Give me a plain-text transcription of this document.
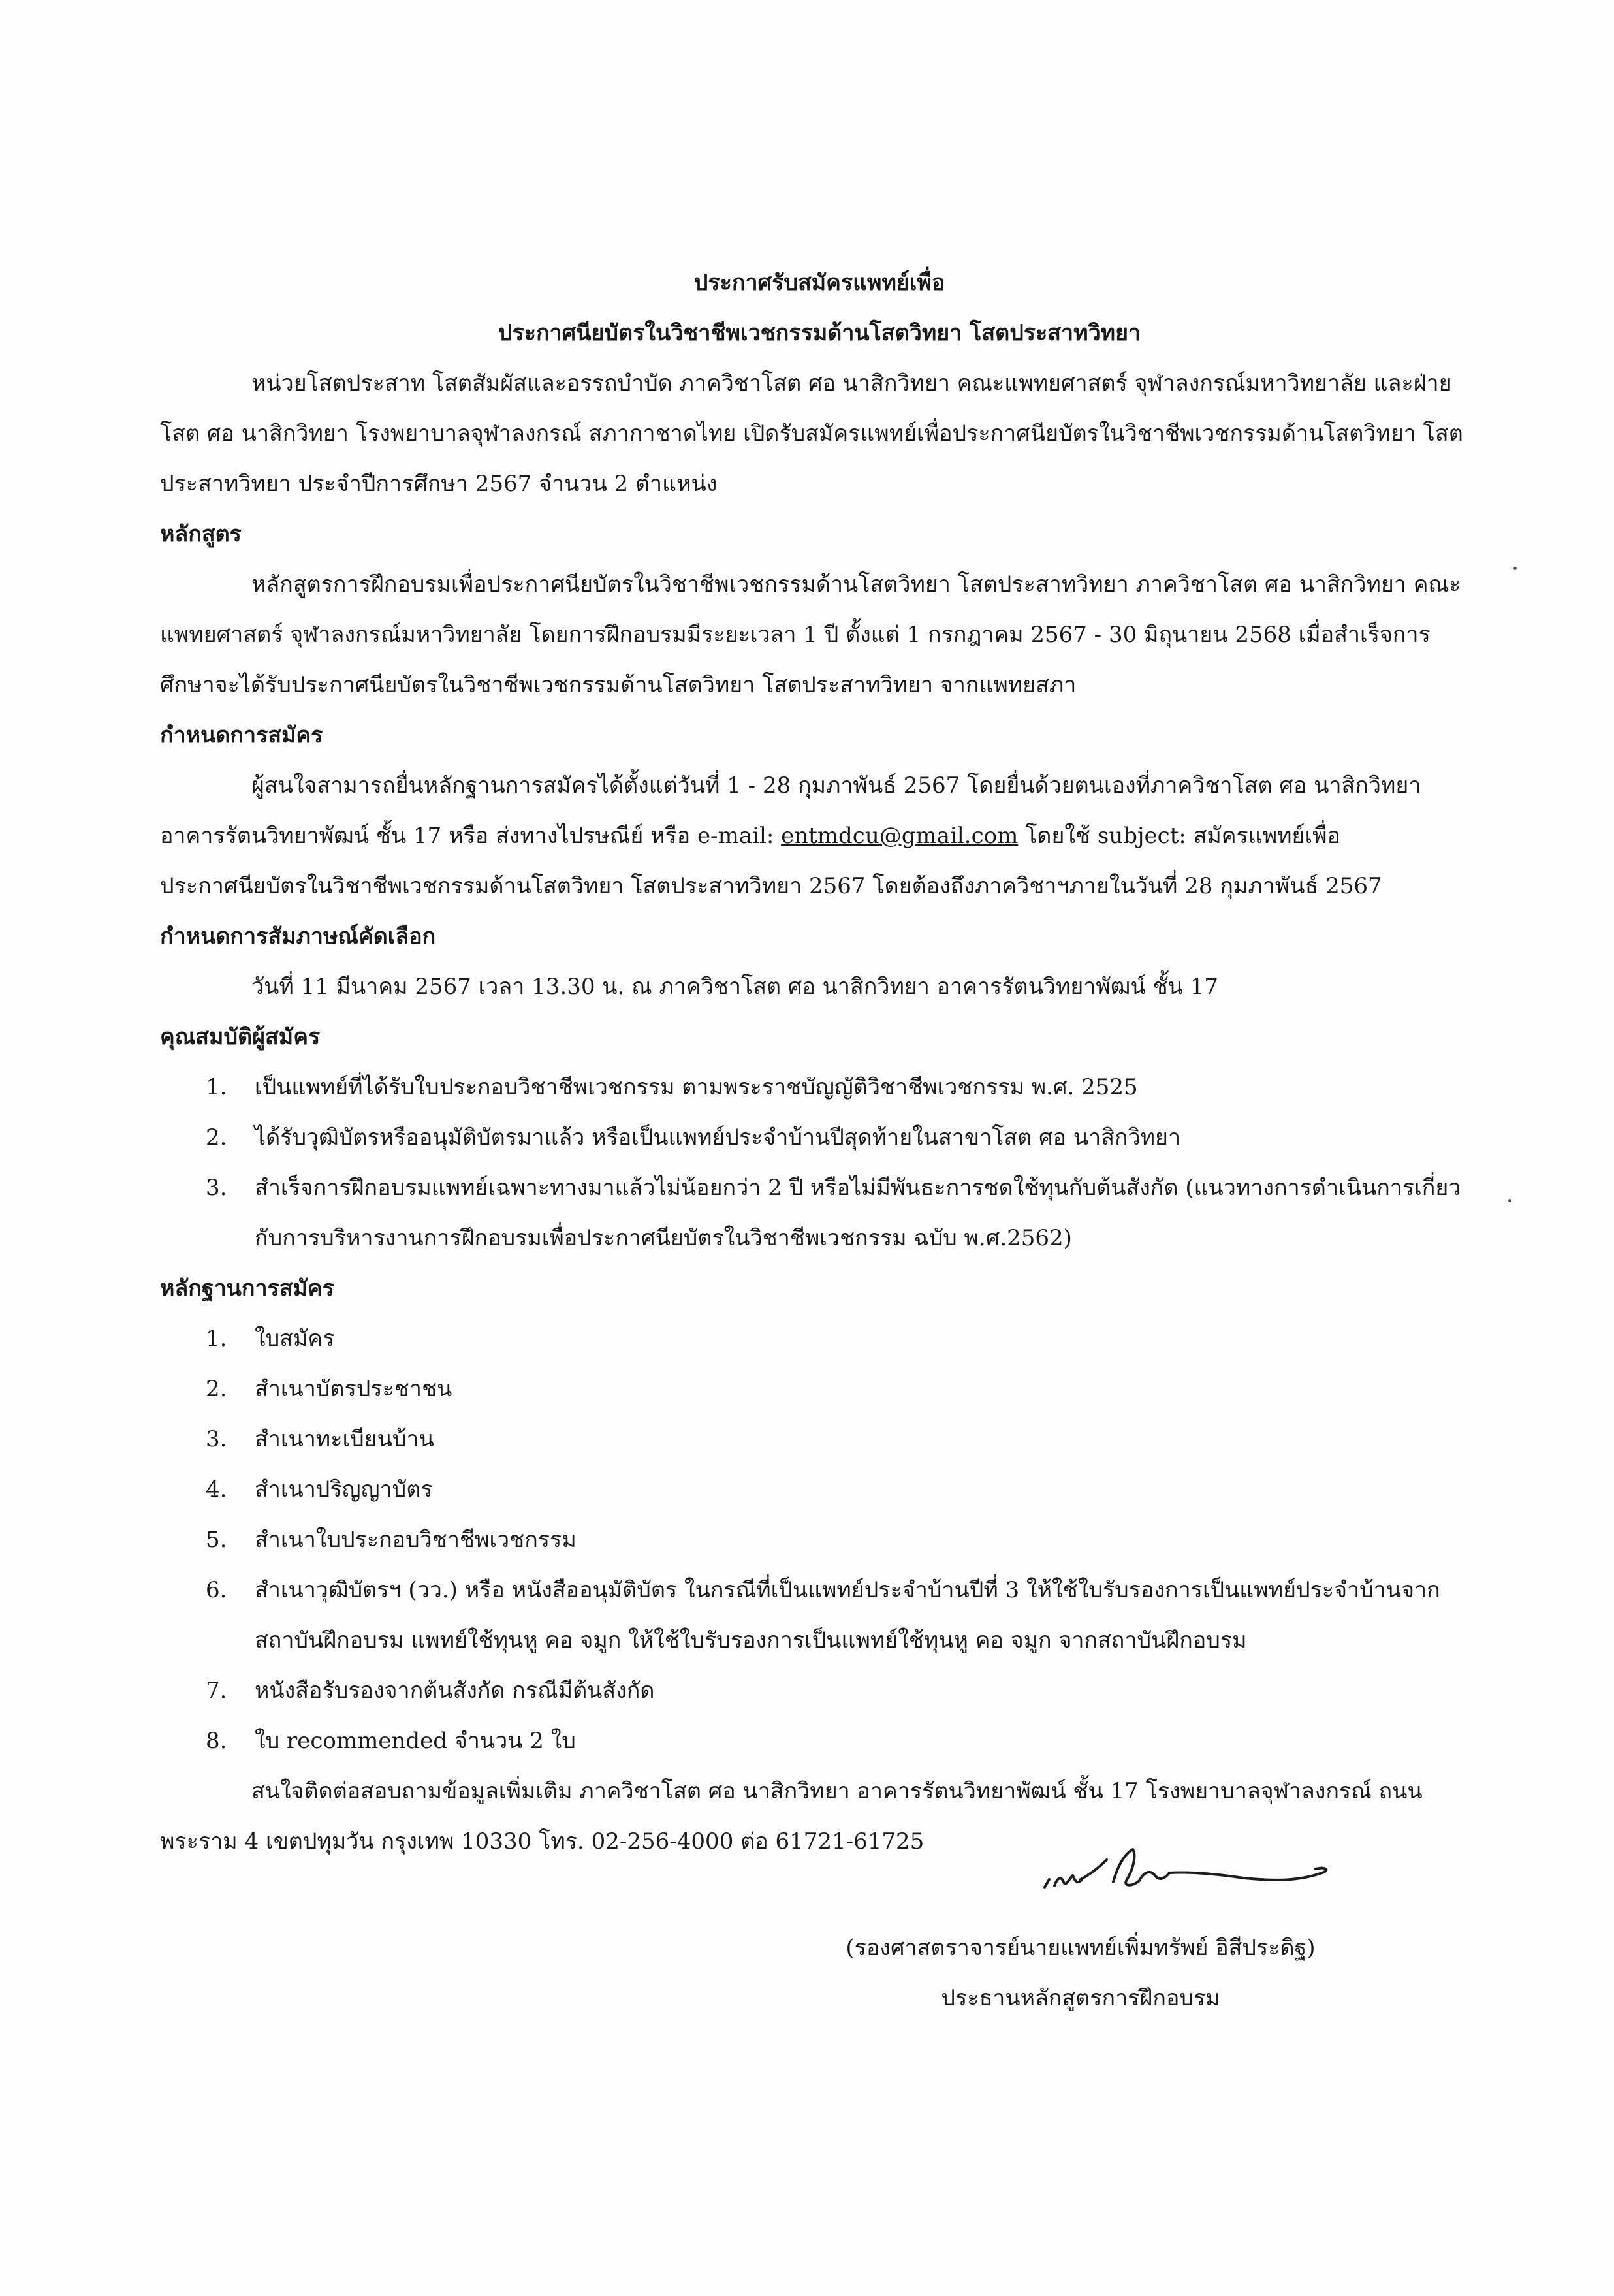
ประกาศรับสมัครแพทย์เพื่อ

ประกาศนียบัตรในวิชาชีพเวชกรรมด้านโสตวิทยา โสตประสาทวิทยา

หน่วยโสตประสาท โสตสัมผัสและอรรถบำบัด ภาควิชาโสต ศอ นาสิกวิทยา คณะแพทยศาสตร์ จุฬาลงกรณ์มหาวิทยาลัย และฝ่ายโสต ศอ นาสิกวิทยา โรงพยาบาลจุฬาลงกรณ์ สภากาชาดไทย เปิดรับสมัครแพทย์เพื่อประกาศนียบัตรในวิชาชีพเวชกรรมด้านโสตวิทยา โสตประสาทวิทยา ประจำปีการศึกษา 2567 จำนวน 2 ตำแหน่ง

หลักสูตร

หลักสูตรการฝึกอบรมเพื่อประกาศนียบัตรในวิชาชีพเวชกรรมด้านโสตวิทยา โสตประสาทวิทยา ภาควิชาโสต ศอ นาสิกวิทยา คณะแพทยศาสตร์ จุฬาลงกรณ์มหาวิทยาลัย โดยการฝึกอบรมมีระยะเวลา 1 ปี ตั้งแต่ 1 กรกฎาคม 2567 - 30 มิถุนายน 2568 เมื่อสำเร็จการศึกษาจะได้รับประกาศนียบัตรในวิชาชีพเวชกรรมด้านโสตวิทยา โสตประสาทวิทยา จากแพทยสภา

กำหนดการสมัคร

ผู้สนใจสามารถยื่นหลักฐานการสมัครได้ตั้งแต่วันที่ 1 - 28 กุมภาพันธ์ 2567 โดยยื่นด้วยตนเองที่ภาควิชาโสต ศอ นาสิกวิทยา อาคารรัตนวิทยาพัฒน์ ชั้น 17 หรือ ส่งทางไปรษณีย์ หรือ e-mail: entmdcu@gmail.com โดยใช้ subject: สมัครแพทย์เพื่อประกาศนียบัตรในวิชาชีพเวชกรรมด้านโสตวิทยา โสตประสาทวิทยา 2567 โดยต้องถึงภาควิชาฯภายในวันที่ 28 กุมภาพันธ์ 2567

กำหนดการสัมภาษณ์คัดเลือก

วันที่ 11 มีนาคม 2567 เวลา 13.30 น. ณ ภาควิชาโสต ศอ นาสิกวิทยา อาคารรัตนวิทยาพัฒน์ ชั้น 17

คุณสมบัติผู้สมัคร

1. เป็นแพทย์ที่ได้รับใบประกอบวิชาชีพเวชกรรม ตามพระราชบัญญัติวิชาชีพเวชกรรม พ.ศ. 2525
2. ได้รับวุฒิบัตรหรืออนุมัติบัตรมาแล้ว หรือเป็นแพทย์ประจำบ้านปีสุดท้ายในสาขาโสต ศอ นาสิกวิทยา
3. สำเร็จการฝึกอบรมแพทย์เฉพาะทางมาแล้วไม่น้อยกว่า 2 ปี หรือไม่มีพันธะการชดใช้ทุนกับต้นสังกัด (แนวทางการดำเนินการเกี่ยวกับการบริหารงานการฝึกอบรมเพื่อประกาศนียบัตรในวิชาชีพเวชกรรม ฉบับ พ.ศ.2562)

หลักฐานการสมัคร

1. ใบสมัคร
2. สำเนาบัตรประชาชน
3. สำเนาทะเบียนบ้าน
4. สำเนาปริญญาบัตร
5. สำเนาใบประกอบวิชาชีพเวชกรรม
6. สำเนาวุฒิบัตรฯ (วว.) หรือ หนังสืออนุมัติบัตร ในกรณีที่เป็นแพทย์ประจำบ้านปีที่ 3 ให้ใช้ใบรับรองการเป็นแพทย์ประจำบ้านจากสถาบันฝึกอบรม แพทย์ใช้ทุนหู คอ จมูก ให้ใช้ใบรับรองการเป็นแพทย์ใช้ทุนหู คอ จมูก จากสถาบันฝึกอบรม
7. หนังสือรับรองจากต้นสังกัด กรณีมีต้นสังกัด
8. ใบ recommended จำนวน 2 ใบ

สนใจติดต่อสอบถามข้อมูลเพิ่มเติม ภาควิชาโสต ศอ นาสิกวิทยา อาคารรัตนวิทยาพัฒน์ ชั้น 17 โรงพยาบาลจุฬาลงกรณ์ ถนนพระราม 4 เขตปทุมวัน กรุงเทพ 10330 โทร. 02-256-4000 ต่อ 61721-61725

(รองศาสตราจารย์นายแพทย์เพิ่มทรัพย์ อิสีประดิฐ)

ประธานหลักสูตรการฝึกอบรม
